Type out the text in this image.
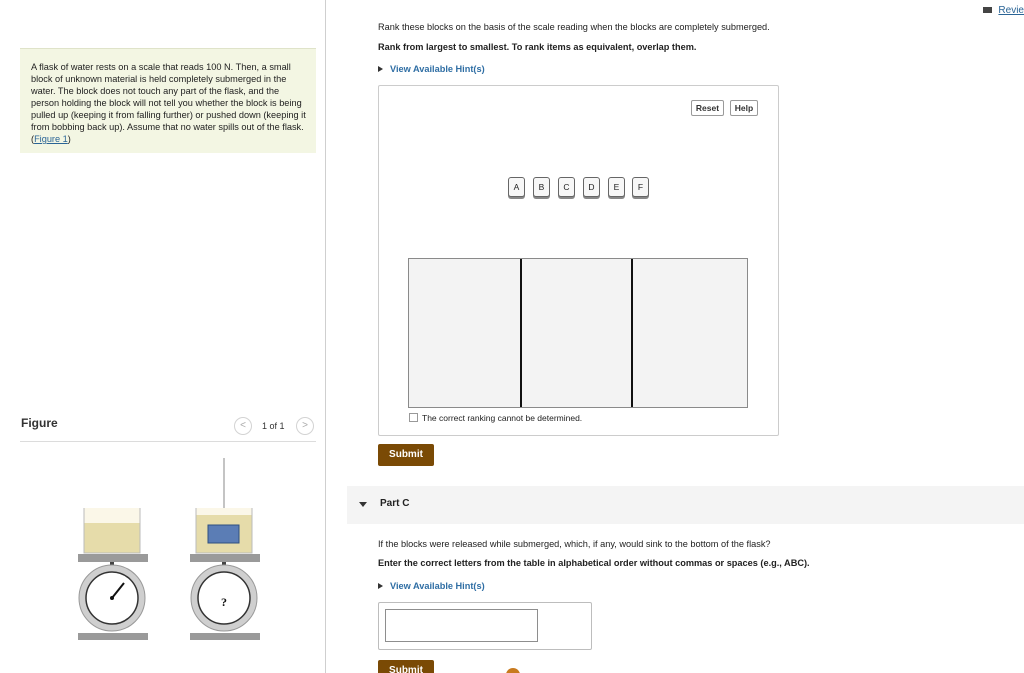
A flask of water rests on a scale that reads 100 N. Then, a small block of unknown material is held completely submerged in the water. The block does not touch any part of the flask, and the person holding the block will not tell you whether the block is being pulled up (keeping it from falling further) or pushed down (keeping it from bobbing back up). Assume that no water spills out of the flask. (Figure 1)
Figure	<	1 of 1	>
?
Revie
Rank these blocks on the basis of the scale reading when the blocks are completely submerged.
Rank from largest to smallest. To rank items as equivalent, overlap them.
View Available Hint(s)
Reset	Help
A	B	C	D	E	F
The correct ranking cannot be determined.
Submit
Part C
If the blocks were released while submerged, which, if any, would sink to the bottom of the flask?
Enter the correct letters from the table in alphabetical order without commas or spaces (e.g., ABC).
View Available Hint(s)
Submit
